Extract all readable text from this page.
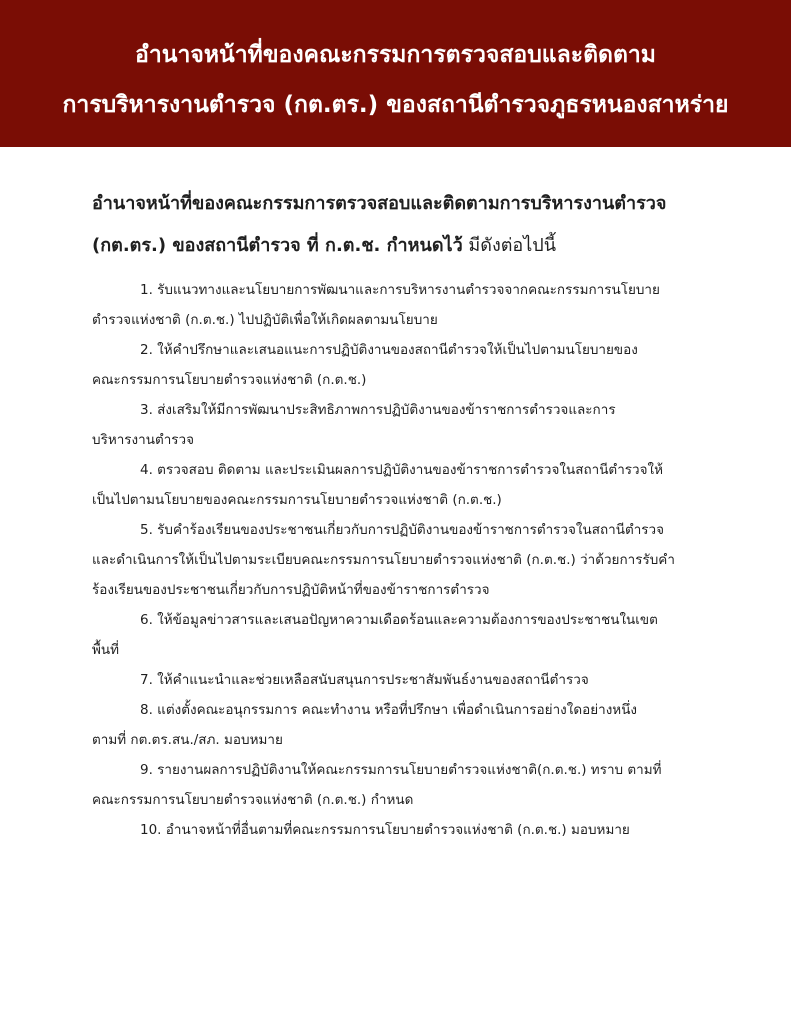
อำนาจหน้าที่ของคณะกรรมการตรวจสอบและติดตาม
การบริหารงานตำรวจ (กต.ตร.) ของสถานีตำรวจภูธรหนองสาหร่าย

อำนาจหน้าที่ของคณะกรรมการตรวจสอบและติดตามการบริหารงานตำรวจ
(กต.ตร.) ของสถานีตำรวจ ที่ ก.ต.ช. กำหนดไว้ มีดังต่อไปนี้

1. รับแนวทางและนโยบายการพัฒนาและการบริหารงานตำรวจจากคณะกรรมการนโยบาย
ตำรวจแห่งชาติ (ก.ต.ช.) ไปปฏิบัติเพื่อให้เกิดผลตามนโยบาย

2. ให้คำปรึกษาและเสนอแนะการปฏิบัติงานของสถานีตำรวจให้เป็นไปตามนโยบายของ
คณะกรรมการนโยบายตำรวจแห่งชาติ (ก.ต.ช.)

3. ส่งเสริมให้มีการพัฒนาประสิทธิภาพการปฏิบัติงานของข้าราชการตำรวจและการ
บริหารงานตำรวจ

4. ตรวจสอบ ติดตาม และประเมินผลการปฏิบัติงานของข้าราชการตำรวจในสถานีตำรวจให้
เป็นไปตามนโยบายของคณะกรรมการนโยบายตำรวจแห่งชาติ (ก.ต.ช.)

5. รับคำร้องเรียนของประชาชนเกี่ยวกับการปฏิบัติงานของข้าราชการตำรวจในสถานีตำรวจ
และดำเนินการให้เป็นไปตามระเบียบคณะกรรมการนโยบายตำรวจแห่งชาติ (ก.ต.ช.) ว่าด้วยการรับคำ
ร้องเรียนของประชาชนเกี่ยวกับการปฏิบัติหน้าที่ของข้าราชการตำรวจ

6. ให้ข้อมูลข่าวสารและเสนอปัญหาความเดือดร้อนและความต้องการของประชาชนในเขต
พื้นที่

7. ให้คำแนะนำและช่วยเหลือสนับสนุนการประชาสัมพันธ์งานของสถานีตำรวจ

8. แต่งตั้งคณะอนุกรรมการ คณะทำงาน หรือที่ปรึกษา เพื่อดำเนินการอย่างใดอย่างหนึ่ง
ตามที่ กต.ตร.สน./สภ. มอบหมาย

9. รายงานผลการปฏิบัติงานให้คณะกรรมการนโยบายตำรวจแห่งชาติ(ก.ต.ช.) ทราบ ตามที่
คณะกรรมการนโยบายตำรวจแห่งชาติ (ก.ต.ช.) กำหนด

10. อำนาจหน้าที่อื่นตามที่คณะกรรมการนโยบายตำรวจแห่งชาติ (ก.ต.ช.) มอบหมาย
